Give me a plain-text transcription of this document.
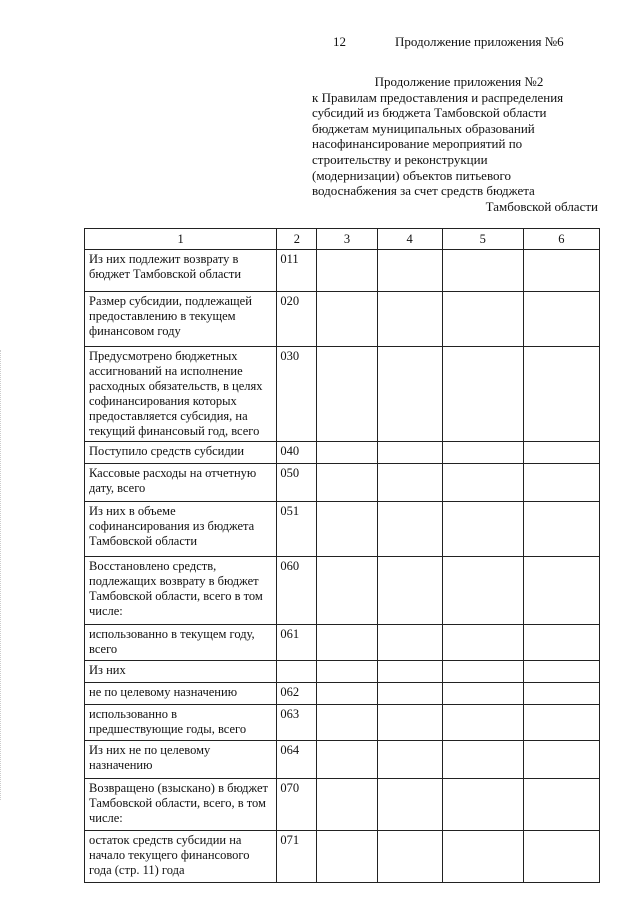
12	Продолжение приложения №6
Продолжение приложения №2
к Правилам предоставления и распределения
субсидий из бюджета Тамбовской области
бюджетам муниципальных образований
насофинансирование мероприятий по
строительству и реконструкции
(модернизации) объектов питьевого
водоснабжения за счет средств бюджета
Тамбовской области
1	2	3	4	5	6
Из них подлежит возврату в бюджет Тамбовской области	011				
Размер субсидии, подлежащей предоставлению в текущем финансовом году	020				
Предусмотрено бюджетных ассигнований на исполнение расходных обязательств, в целях софинансирования которых предоставляется субсидия, на текущий финансовый год, всего	030				
Поступило средств субсидии	040				
Кассовые расходы на отчетную дату, всего	050				
Из них в объеме софинансирования из бюджета Тамбовской области	051				
Восстановлено средств, подлежащих возврату в бюджет Тамбовской области, всего в том числе:	060				
использованно в текущем году, всего	061				
Из них					
не по целевому назначению	062				
использованно в предшествующие годы, всего	063				
Из них не по целевому назначению	064				
Возвращено (взыскано) в бюджет Тамбовской области, всего, в том числе:	070				
остаток средств субсидии на начало текущего финансового года (стр. 11) года	071				
